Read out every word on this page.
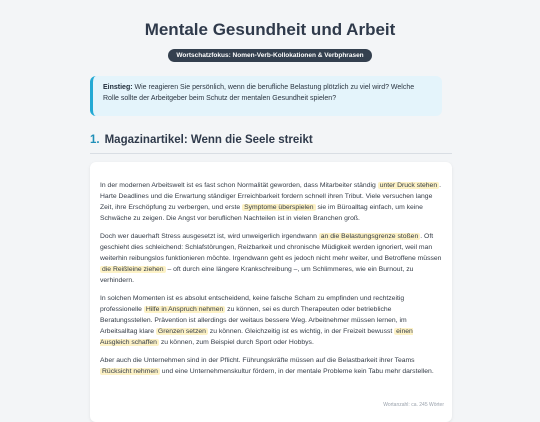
Mentale Gesundheit und Arbeit
Wortschatzfokus: Nomen-Verb-Kollokationen & Verbphrasen
Einstieg: Wie reagieren Sie persönlich, wenn die berufliche Belastung plötzlich zu viel wird? Welche Rolle sollte der Arbeitgeber beim Schutz der mentalen Gesundheit spielen?
1. Magazinartikel: Wenn die Seele streikt

In der modernen Arbeitswelt ist es fast schon Normalität geworden, dass Mitarbeiter ständig unter Druck stehen . Harte Deadlines und die Erwartung ständiger Erreichbarkeit fordern schnell ihren Tribut. Viele versuchen lange Zeit, ihre Erschöpfung zu verbergen, und erste Symptome überspielen sie im Büroalltag einfach, um keine Schwäche zu zeigen. Die Angst vor beruflichen Nachteilen ist in vielen Branchen groß.

Doch wer dauerhaft Stress ausgesetzt ist, wird unweigerlich irgendwann an die Belastungsgrenze stoßen . Oft geschieht dies schleichend: Schlafstörungen, Reizbarkeit und chronische Müdigkeit werden ignoriert, weil man weiterhin reibungslos funktionieren möchte. Irgendwann geht es jedoch nicht mehr weiter, und Betroffene müssen die Reißleine ziehen – oft durch eine längere Krankschreibung –, um Schlimmeres, wie ein Burnout, zu verhindern.

In solchen Momenten ist es absolut entscheidend, keine falsche Scham zu empfinden und rechtzeitig professionelle Hilfe in Anspruch nehmen zu können, sei es durch Therapeuten oder betriebliche Beratungsstellen. Prävention ist allerdings der weitaus bessere Weg. Arbeitnehmer müssen lernen, im Arbeitsalltag klare Grenzen setzen zu können. Gleichzeitig ist es wichtig, in der Freizeit bewusst einen Ausgleich schaffen zu können, zum Beispiel durch Sport oder Hobbys.

Aber auch die Unternehmen sind in der Pflicht. Führungskräfte müssen auf die Belastbarkeit ihrer Teams Rücksicht nehmen und eine Unternehmenskultur fördern, in der mentale Probleme kein Tabu mehr darstellen.

Wortanzahl: ca. 245 Wörter
